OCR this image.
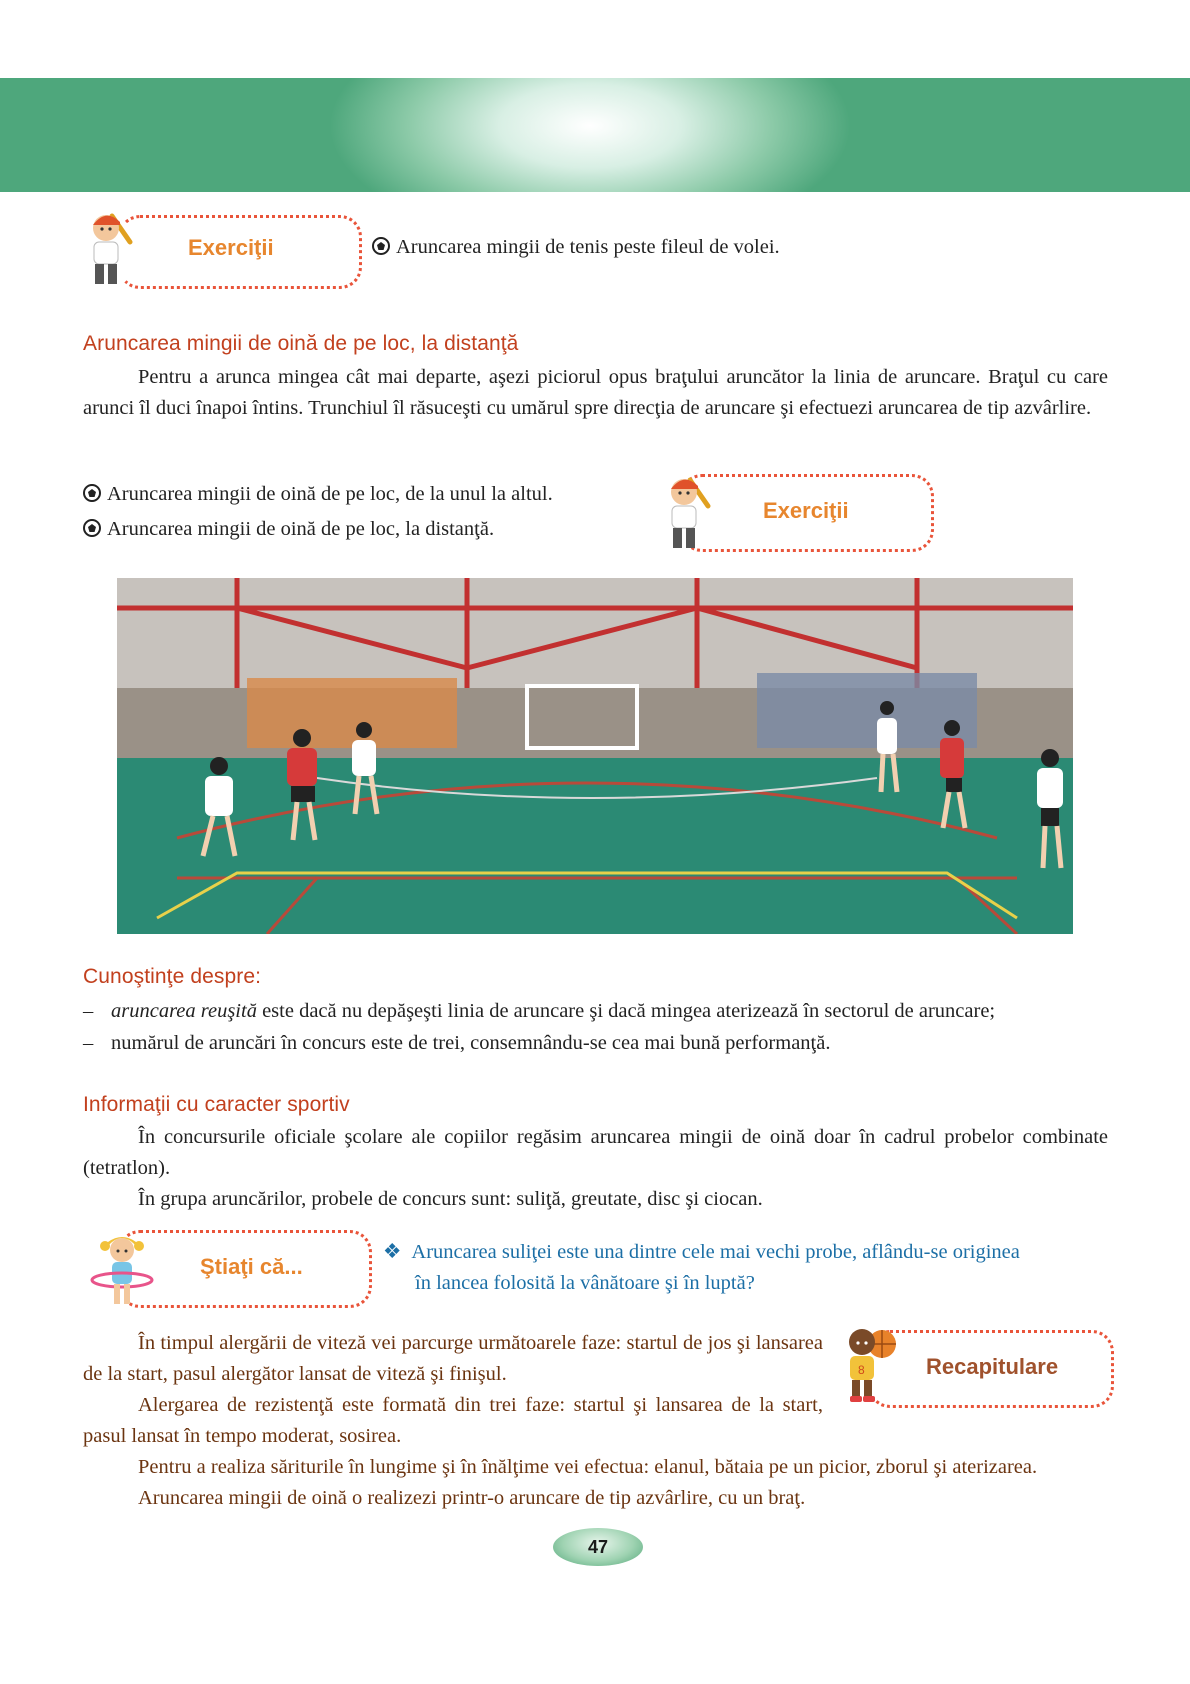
Exerciţii	Aruncarea mingii de tenis peste fileul de volei.
Aruncarea mingii de oină de pe loc, la distanţă
Pentru a arunca mingea cât mai departe, aşezi piciorul opus braţului aruncător la linia de aruncare. Braţul cu care arunci îl duci înapoi întins. Trunchiul îl răsuceşti cu umărul spre direcţia de aruncare şi efectuezi aruncarea de tip azvârlire.
Aruncarea mingii de oină de pe loc, de la unul la altul.
Aruncarea mingii de oină de pe loc, la distanţă.
Exerciţii
Cunoştinţe despre:
– aruncarea reuşită este dacă nu depăşeşti linia de aruncare şi dacă mingea aterizează în sectorul de aruncare;
– numărul de aruncări în concurs este de trei, consemnându-se cea mai bună performanţă.
Informaţii cu caracter sportiv
În concursurile oficiale şcolare ale copiilor regăsim aruncarea mingii de oină doar în cadrul probelor combinate (tetratlon).
În grupa aruncărilor, probele de concurs sunt: suliţă, greutate, disc şi ciocan.
Ştiaţi că...
❖ Aruncarea suliţei este una dintre cele mai vechi probe, aflându-se originea
în lancea folosită la vânătoare şi în luptă?
8	Recapitulare
În timpul alergării de viteză vei parcurge următoarele faze: startul de jos şi lansarea de la start, pasul alergător lansat de viteză şi finişul.
Alergarea de rezistenţă este formată din trei faze: startul şi lansarea de la start, pasul lansat în tempo moderat, sosirea.
Pentru a realiza săriturile în lungime şi în înălţime vei efectua: elanul, bătaia pe un picior, zborul şi aterizarea.
Aruncarea mingii de oină o realizezi printr-o aruncare de tip azvârlire, cu un braţ.
47
